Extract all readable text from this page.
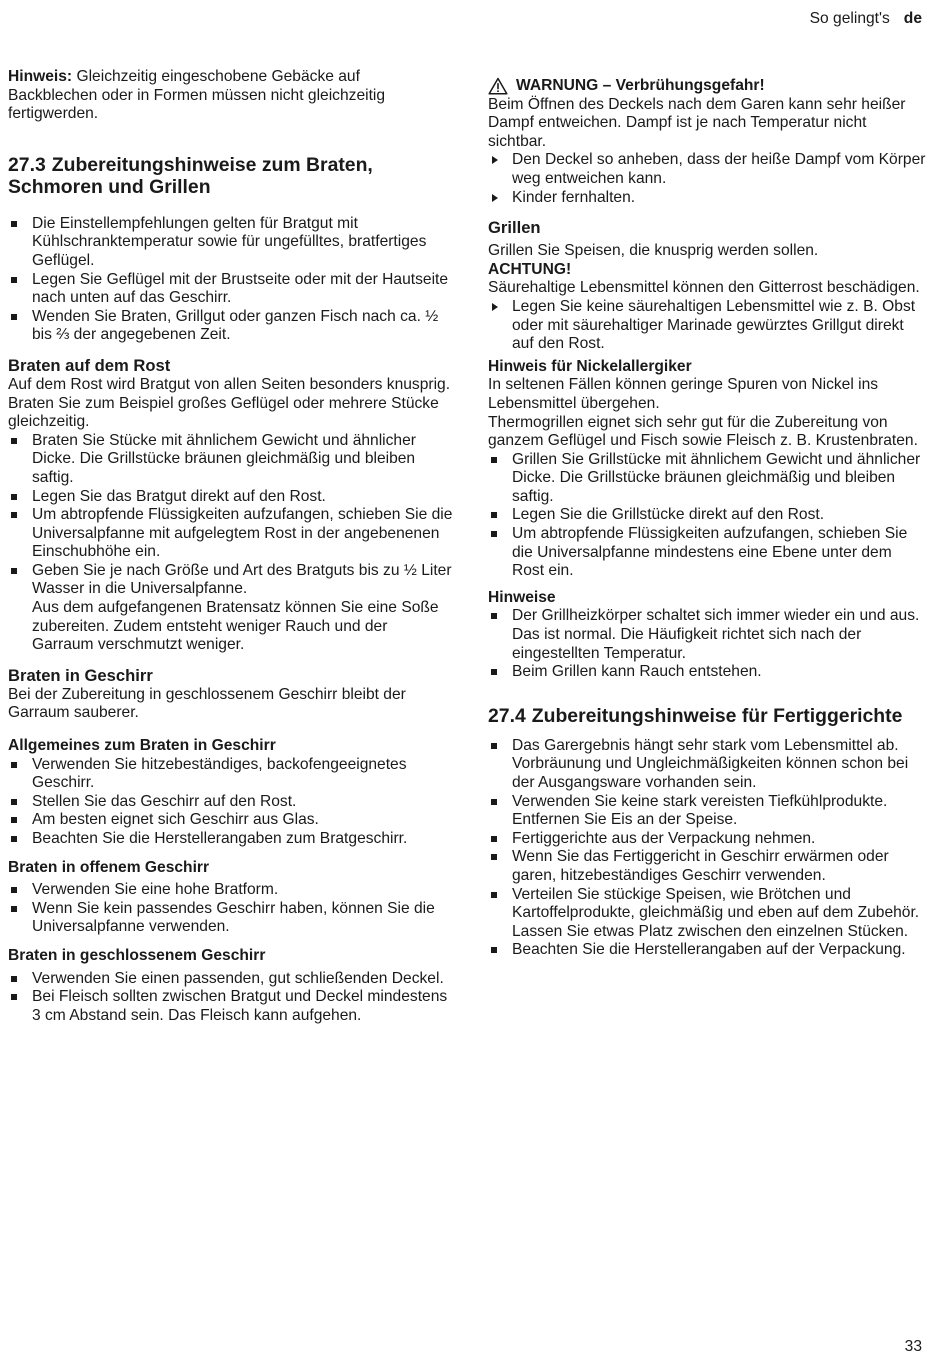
So gelingt's de

Hinweis: Gleichzeitig eingeschobene Gebäcke auf Backblechen oder in Formen müssen nicht gleichzeitig fertigwerden.

27.3 Zubereitungshinweise zum Braten, Schmoren und Grillen
Die Einstellempfehlungen gelten für Bratgut mit Kühlschranktemperatur sowie für ungefülltes, bratfertiges Geflügel.
Legen Sie Geflügel mit der Brustseite oder mit der Hautseite nach unten auf das Geschirr.
Wenden Sie Braten, Grillgut oder ganzen Fisch nach ca. ½ bis ⅔ der angegebenen Zeit.
Braten auf dem Rost

Auf dem Rost wird Bratgut von allen Seiten besonders knusprig. Braten Sie zum Beispiel großes Geflügel oder mehrere Stücke gleichzeitig.

Braten Sie Stücke mit ähnlichem Gewicht und ähnlicher Dicke. Die Grillstücke bräunen gleichmäßig und bleiben saftig.
Legen Sie das Bratgut direkt auf den Rost.
Um abtropfende Flüssigkeiten aufzufangen, schieben Sie die Universalpfanne mit aufgelegtem Rost in der angebenenen Einschubhöhe ein.
Geben Sie je nach Größe und Art des Bratguts bis zu ½ Liter Wasser in die Universalpfanne.
Aus dem aufgefangenen Bratensatz können Sie eine Soße zubereiten. Zudem entsteht weniger Rauch und der Garraum verschmutzt weniger.
Braten in Geschirr

Bei der Zubereitung in geschlossenem Geschirr bleibt der Garraum sauberer.

Allgemeines zum Braten in Geschirr
Verwenden Sie hitzebeständiges, backofengeeignetes Geschirr.
Stellen Sie das Geschirr auf den Rost.
Am besten eignet sich Geschirr aus Glas.
Beachten Sie die Herstellerangaben zum Bratgeschirr.
Braten in offenem Geschirr
Verwenden Sie eine hohe Bratform.
Wenn Sie kein passendes Geschirr haben, können Sie die Universalpfanne verwenden.
Braten in geschlossenem Geschirr
Verwenden Sie einen passenden, gut schließenden Deckel.
Bei Fleisch sollten zwischen Bratgut und Deckel mindestens 3 cm Abstand sein. Das Fleisch kann aufgehen.
WARNUNG – Verbrühungsgefahr!

Beim Öffnen des Deckels nach dem Garen kann sehr heißer Dampf entweichen. Dampf ist je nach Temperatur nicht sichtbar.

Den Deckel so anheben, dass der heiße Dampf vom Körper weg entweichen kann.
Kinder fernhalten.
Grillen

Grillen Sie Speisen, die knusprig werden sollen.

ACHTUNG!

Säurehaltige Lebensmittel können den Gitterrost beschädigen.

Legen Sie keine säurehaltigen Lebensmittel wie z. B. Obst oder mit säurehaltiger Marinade gewürztes Grillgut direkt auf den Rost.
Hinweis für Nickelallergiker

In seltenen Fällen können geringe Spuren von Nickel ins Lebensmittel übergehen.

Thermogrillen eignet sich sehr gut für die Zubereitung von ganzem Geflügel und Fisch sowie Fleisch z. B. Krustenbraten.

Grillen Sie Grillstücke mit ähnlichem Gewicht und ähnlicher Dicke. Die Grillstücke bräunen gleichmäßig und bleiben saftig.
Legen Sie die Grillstücke direkt auf den Rost.
Um abtropfende Flüssigkeiten aufzufangen, schieben Sie die Universalpfanne mindestens eine Ebene unter dem Rost ein.
Hinweise
Der Grillheizkörper schaltet sich immer wieder ein und aus. Das ist normal. Die Häufigkeit richtet sich nach der eingestellten Temperatur.
Beim Grillen kann Rauch entstehen.
27.4 Zubereitungshinweise für Fertiggerichte
Das Garergebnis hängt sehr stark vom Lebensmittel ab. Vorbräunung und Ungleichmäßigkeiten können schon bei der Ausgangsware vorhanden sein.
Verwenden Sie keine stark vereisten Tiefkühlprodukte. Entfernen Sie Eis an der Speise.
Fertiggerichte aus der Verpackung nehmen.
Wenn Sie das Fertiggericht in Geschirr erwärmen oder garen, hitzebeständiges Geschirr verwenden.
Verteilen Sie stückige Speisen, wie Brötchen und Kartoffelprodukte, gleichmäßig und eben auf dem Zubehör. Lassen Sie etwas Platz zwischen den einzelnen Stücken.
Beachten Sie die Herstellerangaben auf der Verpackung.
33
